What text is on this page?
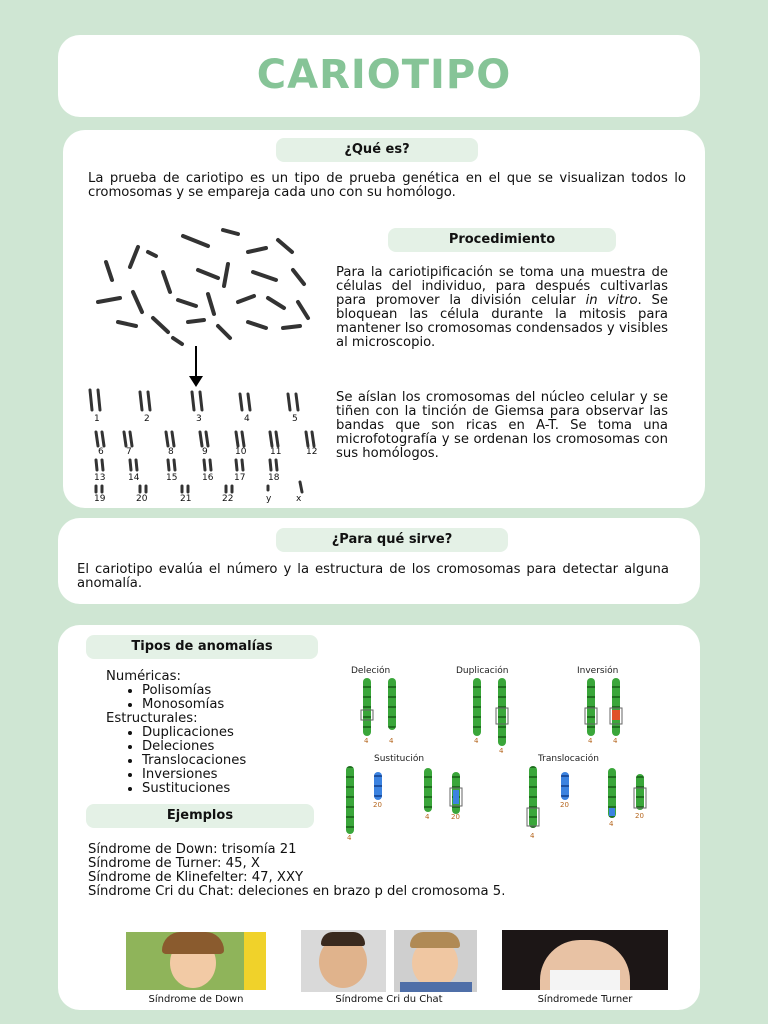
CARIOTIPO
¿Qué es?
La prueba de cariotipo es un tipo de prueba genética en el que se visualizan todos lo cromosomas y se empareja cada uno con su homólogo.
1	2	3	4	5
6 7	8	9	10	11	12
13	14	15	16 17	18
19	20	21	22	y	x
Procedimiento
Para la cariotipificación se toma una muestra de células del individuo, para después cultivarlas para promover la división celular in vitro. Se bloquean las célula durante la mitosis para mantener lso cromosomas condensados y visibles al microscopio.
Se aíslan los cromosomas del núcleo celular y se tiñen con la tinción de Giemsa para observar las bandas que son ricas en A-T. Se toma una microfotografía y se ordenan los cromosomas con sus homólogos.
¿Para qué sirve?
El cariotipo evalúa el número y la estructura de los cromosomas para detectar alguna anomalía.
Tipos de anomalías
Numéricas:
• Polisomías
• Monosomías
Estructurales:
• Duplicaciones
• Deleciones
• Translocaciones
• Inversiones
• Sustituciones
Deleción	Duplicación	Inversión
4	4	4
4
4	4
Sustitución	Translocación
20
4
4	20
20
4
4
20
Ejemplos
Síndrome de Down: trisomía 21
Síndrome de Turner: 45, X
Síndrome de Klinefelter: 47, XXY
Síndrome Cri du Chat: deleciones en brazo p del cromosoma 5.
Síndrome de Down	Síndrome Cri du Chat	Síndromede Turner
